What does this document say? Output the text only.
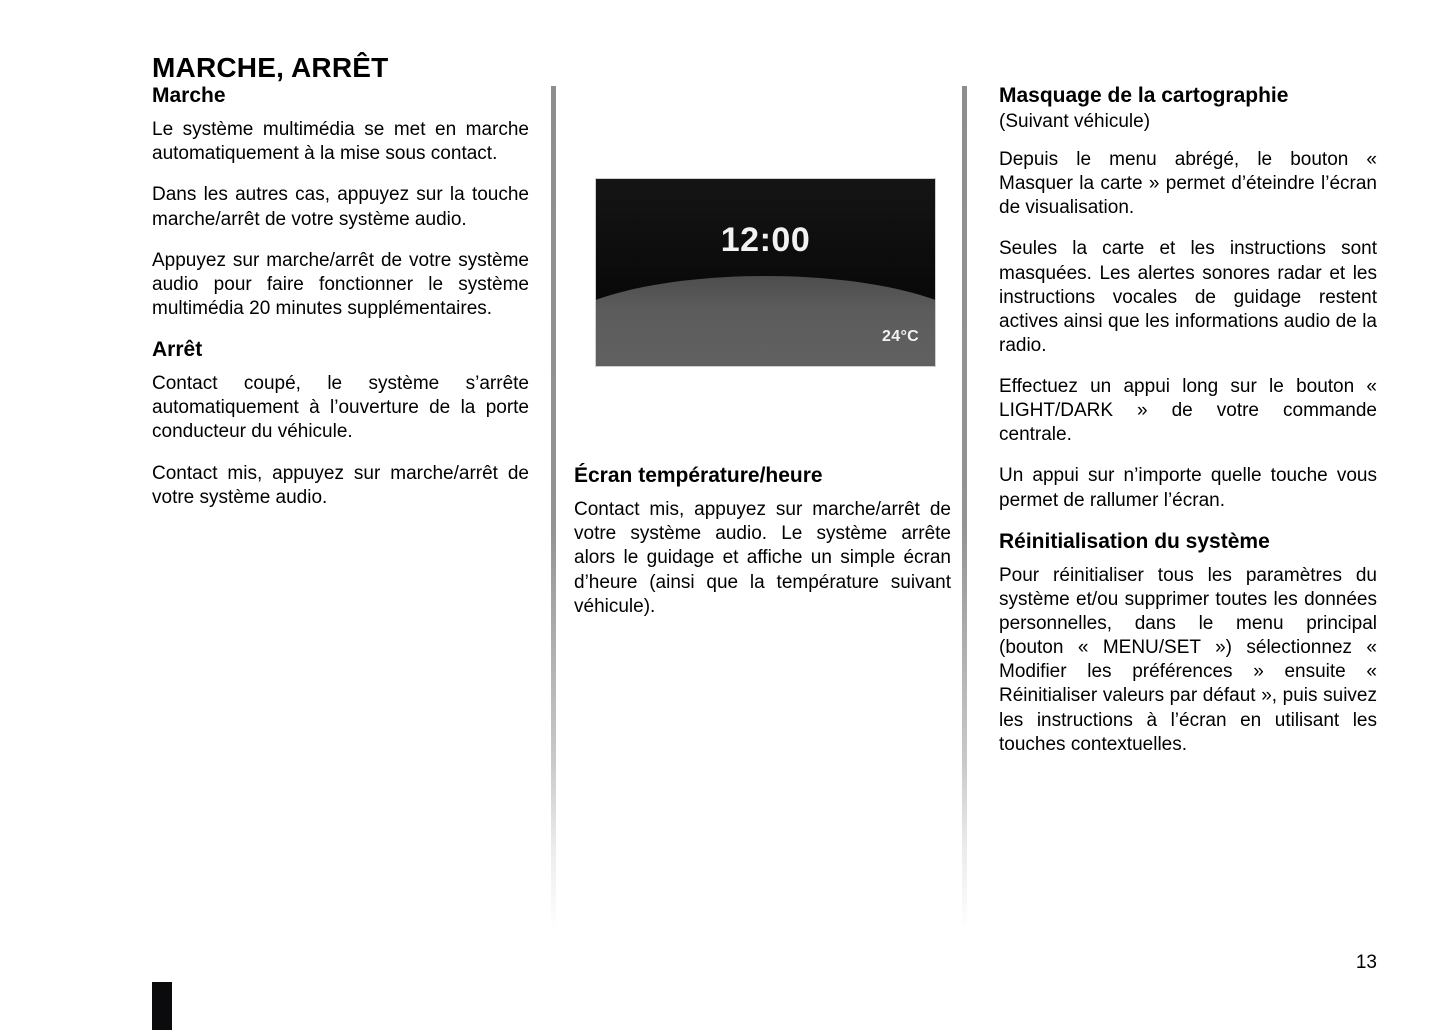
MARCHE, ARRÊT
Marche

Le système multimédia se met en marche automatiquement à la mise sous contact.

Dans les autres cas, appuyez sur la touche marche/arrêt de votre système audio.

Appuyez sur marche/arrêt de votre système audio pour faire fonctionner le système multimédia 20 minutes supplémentaires.

Arrêt

Contact coupé, le système s’arrête automatiquement à l’ouverture de la porte conducteur du véhicule.

Contact mis, appuyez sur marche/arrêt de votre système audio.

12:00
24°C
Écran température/heure

Contact mis, appuyez sur marche/arrêt de votre système audio. Le système arrête alors le guidage et affiche un simple écran d’heure (ainsi que la température suivant véhicule).

Masquage de la cartographie
(Suivant véhicule)

Depuis le menu abrégé, le bouton « Masquer la carte » permet d’éteindre l’écran de visualisation.

Seules la carte et les instructions sont masquées. Les alertes sonores radar et les instructions vocales de guidage restent actives ainsi que les informations audio de la radio.

Effectuez un appui long sur le bouton « LIGHT/DARK » de votre commande centrale.

Un appui sur n’importe quelle touche vous permet de rallumer l’écran.

Réinitialisation du système

Pour réinitialiser tous les paramètres du système et/ou supprimer toutes les données personnelles, dans le menu principal (bouton « MENU/SET ») sélectionnez « Modifier les préférences » ensuite « Réinitialiser valeurs par défaut », puis suivez les instructions à l’écran en utilisant les touches contextuelles.

13
